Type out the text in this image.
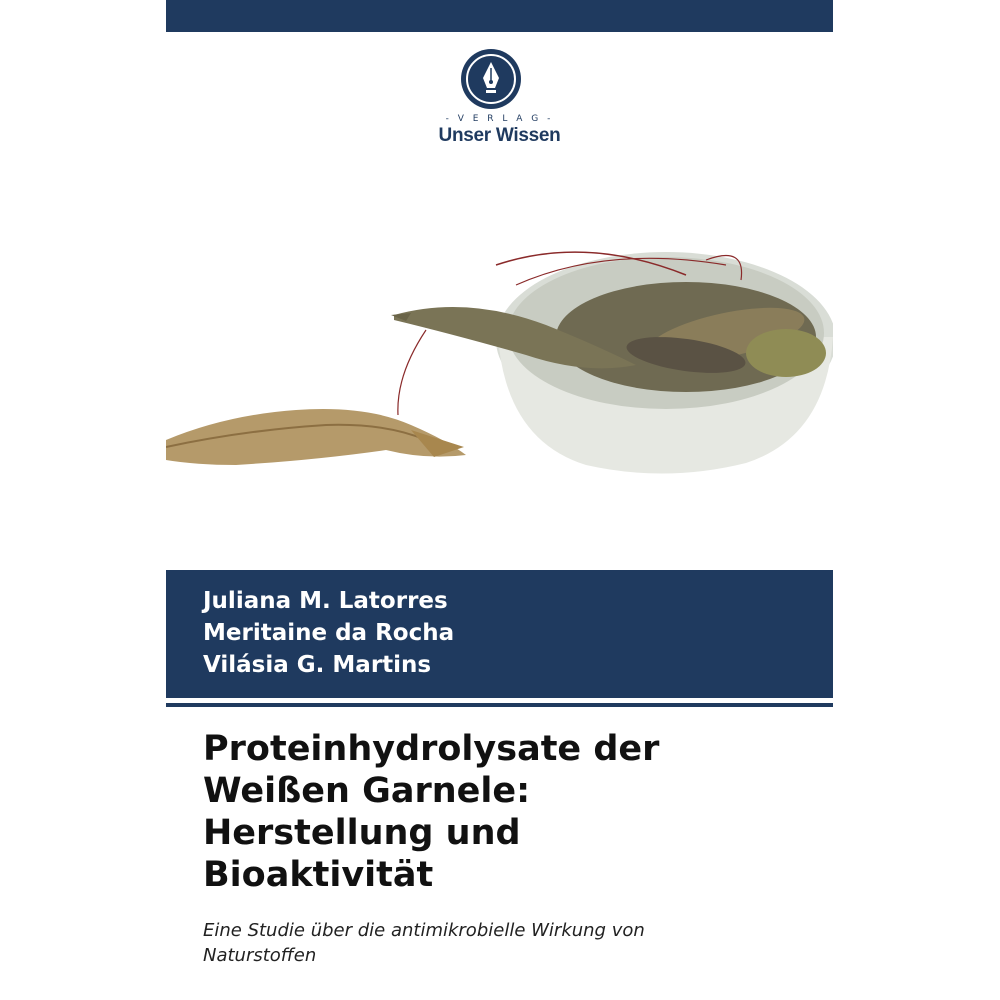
- V E R L A G -
Unser Wissen
Juliana M. Latorres
Meritaine da Rocha
Vilásia G. Martins
Proteinhydrolysate der
Weißen Garnele:
Herstellung und
Bioaktivität
Eine Studie über die antimikrobielle Wirkung von
Naturstoffen
